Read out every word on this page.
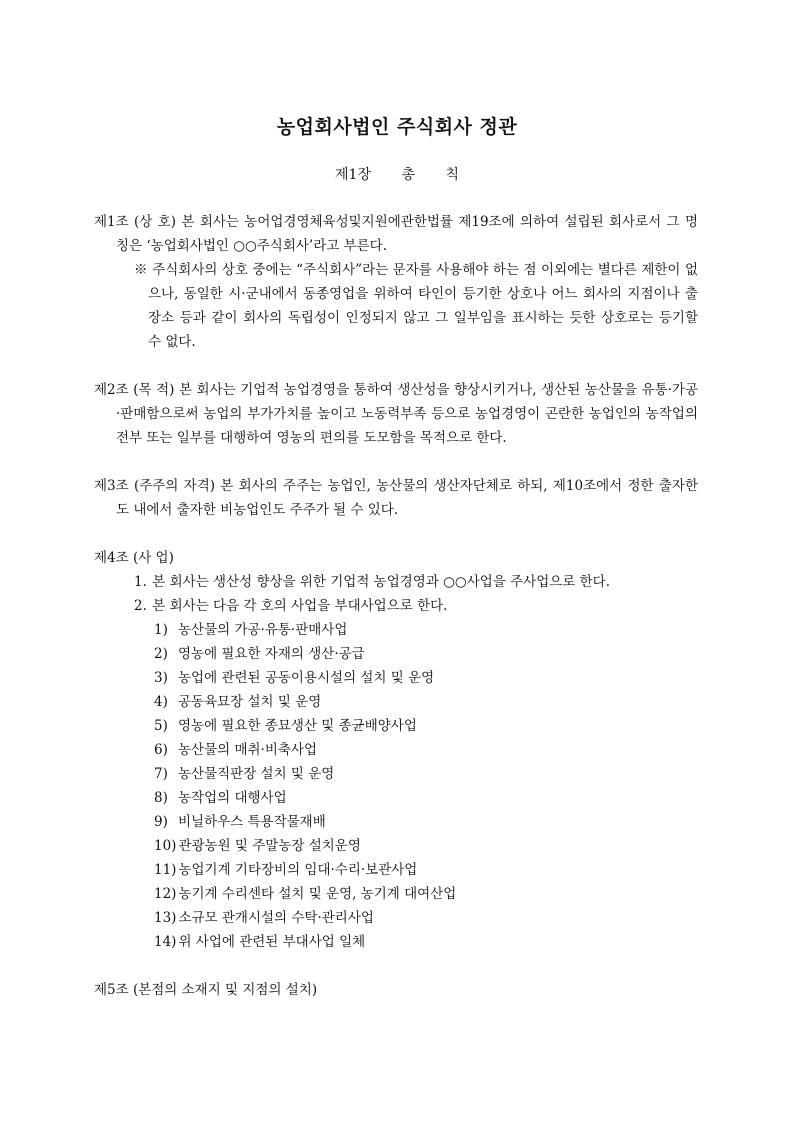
농업회사법인 주식회사 정관
제1장 총 칙

제1조 (상 호) 본 회사는 농어업경영체육성및지원에관한법률 제19조에 의하여 설립된 회사로서 그 명칭은 ‘농업회사법인 ○○주식회사’라고 부른다.

※ 주식회사의 상호 중에는 “주식회사”라는 문자를 사용해야 하는 점 이외에는 별다른 제한이 없으나, 동일한 시·군내에서 동종영업을 위하여 타인이 등기한 상호나 어느 회사의 지점이나 출장소 등과 같이 회사의 독립성이 인정되지 않고 그 일부임을 표시하는 듯한 상호로는 등기할 수 없다.

제2조 (목 적) 본 회사는 기업적 농업경영을 통하여 생산성을 향상시키거나, 생산된 농산물을 유통·가공·판매함으로써 농업의 부가가치를 높이고 노동력부족 등으로 농업경영이 곤란한 농업인의 농작업의 전부 또는 일부를 대행하여 영농의 편의를 도모함을 목적으로 한다.

제3조 (주주의 자격) 본 회사의 주주는 농업인, 농산물의 생산자단체로 하되, 제10조에서 정한 출자한도 내에서 출자한 비농업인도 주주가 될 수 있다.

제4조 (사 업)

1. 본 회사는 생산성 향상을 위한 기업적 농업경영과 ○○사업을 주사업으로 한다.
2. 본 회사는 다음 각 호의 사업을 부대사업으로 한다.
1) 농산물의 가공·유통·판매사업
2) 영농에 필요한 자재의 생산·공급
3) 농업에 관련된 공동이용시설의 설치 및 운영
4) 공동육묘장 설치 및 운영
5) 영농에 필요한 종묘생산 및 종균배양사업
6) 농산물의 매취·비축사업
7) 농산물직판장 설치 및 운영
8) 농작업의 대행사업
9) 비닐하우스 특용작물재배
10) 관광농원 및 주말농장 설치운영
11) 농업기계 기타장비의 임대·수리·보관사업
12) 농기계 수리센타 설치 및 운영, 농기계 대여산업
13) 소규모 관개시설의 수탁·관리사업
14) 위 사업에 관련된 부대사업 일체

제5조 (본점의 소재지 및 지점의 설치)
